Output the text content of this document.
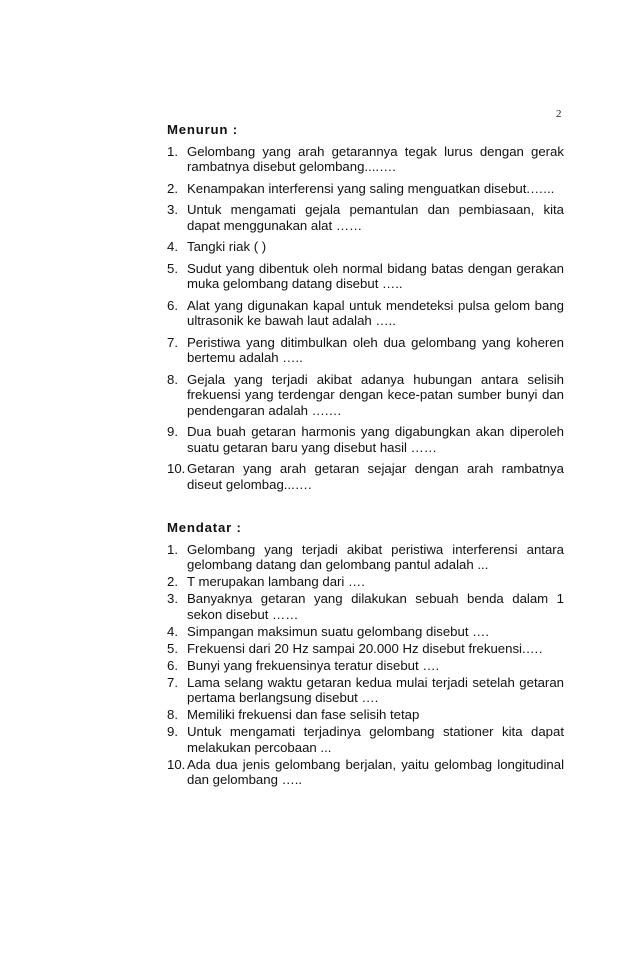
2
Menurun :
1. Gelombang yang arah getarannya tegak lurus dengan gerak rambatnya disebut gelombang....….
2. Kenampakan interferensi yang saling menguatkan disebut.…...
3. Untuk mengamati gejala pemantulan dan pembiasaan, kita dapat menggunakan alat ……
4. Tangki riak ( )
5. Sudut yang dibentuk oleh normal bidang batas dengan gerakan muka gelombang datang disebut …..
6. Alat yang digunakan kapal untuk mendeteksi pulsa gelom bang ultrasonik ke bawah laut adalah …..
7. Peristiwa yang ditimbulkan oleh dua gelombang yang koheren bertemu adalah …..
8. Gejala yang terjadi akibat adanya hubungan antara selisih frekuensi yang terdengar dengan kece-patan sumber bunyi dan pendengaran adalah ….…
9. Dua buah getaran harmonis yang digabungkan akan diperoleh suatu getaran baru yang disebut hasil ……
10. Getaran yang arah getaran sejajar dengan arah rambatnya diseut gelombag...….
Mendatar :
1. Gelombang yang terjadi akibat peristiwa interferensi antara gelombang datang dan gelombang pantul adalah ...
2. T merupakan lambang dari ….
3. Banyaknya getaran yang dilakukan sebuah benda dalam 1 sekon disebut ……
4. Simpangan maksimun suatu gelombang disebut ….
5. Frekuensi dari 20 Hz sampai 20.000 Hz disebut frekuensi.….
6. Bunyi yang frekuensinya teratur disebut ….
7. Lama selang waktu getaran kedua mulai terjadi setelah getaran pertama berlangsung disebut ….
8. Memiliki frekuensi dan fase selisih tetap
9. Untuk mengamati terjadinya gelombang stationer kita dapat melakukan percobaan ...
10. Ada dua jenis gelombang berjalan, yaitu gelombag longitudinal dan gelombang …..
